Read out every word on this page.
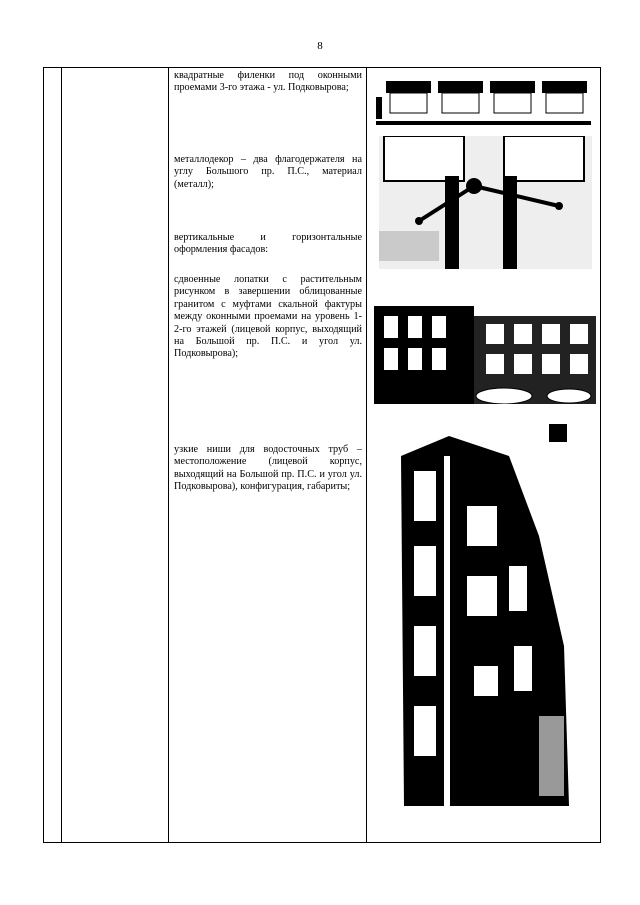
8

квадратные филенки под оконными проемами 3-го этажа - ул. Подковырова;

металлодекор – два флагодержателя на углу Большого пр. П.С., материал (металл);

вертикальные и горизонтальные оформления фасадов:

сдвоенные лопатки с растительным рисунком в завершении облицованные гранитом с муфтами скальной фактуры между оконными проемами на уровень 1-2-го этажей (лицевой корпус, выходящий на Большой пр. П.С. и угол ул. Подковырова);

узкие ниши для водосточных труб – местоположение (лицевой корпус, выходящий на Большой пр. П.С. и угол ул. Подковырова), конфигурация, габариты;
